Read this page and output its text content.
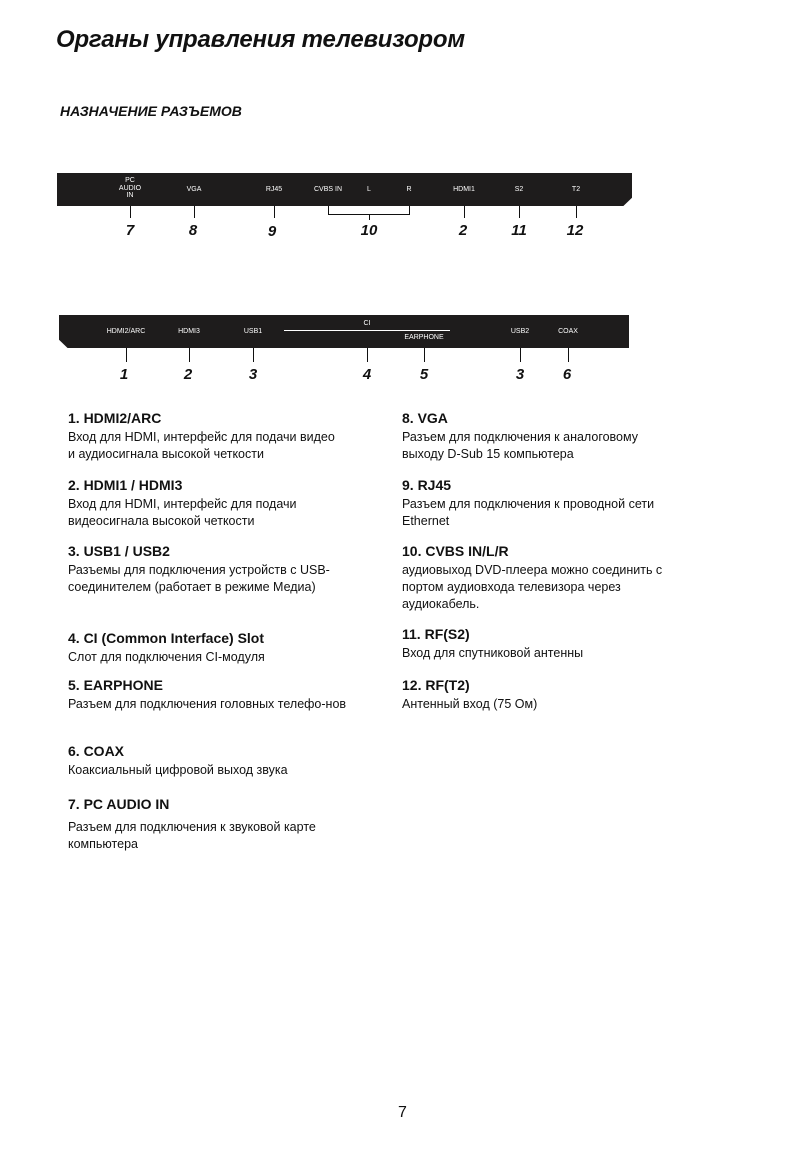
Органы управления телевизором
НАЗНАЧЕНИЕ РАЗЪЕМОВ
PC
AUDIO
IN
VGA	RJ45	CVBS IN	L	R	HDMI1	S2	T2
7	8	9	10	2	11	12
HDMI2/ARC	HDMI3	USB1
CI
EARPHONE
USB2	COAX
1	2	3	4	5	3	6
1. HDMI2/ARC

Вход для HDMI, интерфейс для подачи видео и аудиосигнала высокой четкости

2. HDMI1 / HDMI3

Вход для HDMI, интерфейс для подачи видеосигнала высокой четкости

3. USB1 / USB2

Разъемы для подключения устройств с USB-соединителем (работает в режиме Медиа)

4. CI (Common Interface) Slot

Слот для подключения CI-модуля

5. EARPHONE

Разъем для подключения головных телефо-нов

6. COAX

Коаксиальный цифровой выход звука

7. PC AUDIO IN

Разъем для подключения к звуковой карте компьютера

8. VGA

Разъем для подключения к аналоговому выходу D-Sub 15 компьютера

9. RJ45

Разъем для подключения к проводной сети Ethernet

10. CVBS IN/L/R

аудиовыход DVD-плеера можно соединить с портом аудиовхода телевизора через аудиокабель.

11. RF(S2)

Вход для спутниковой антенны

12. RF(T2)

Антенный вход (75 Ом)

7
